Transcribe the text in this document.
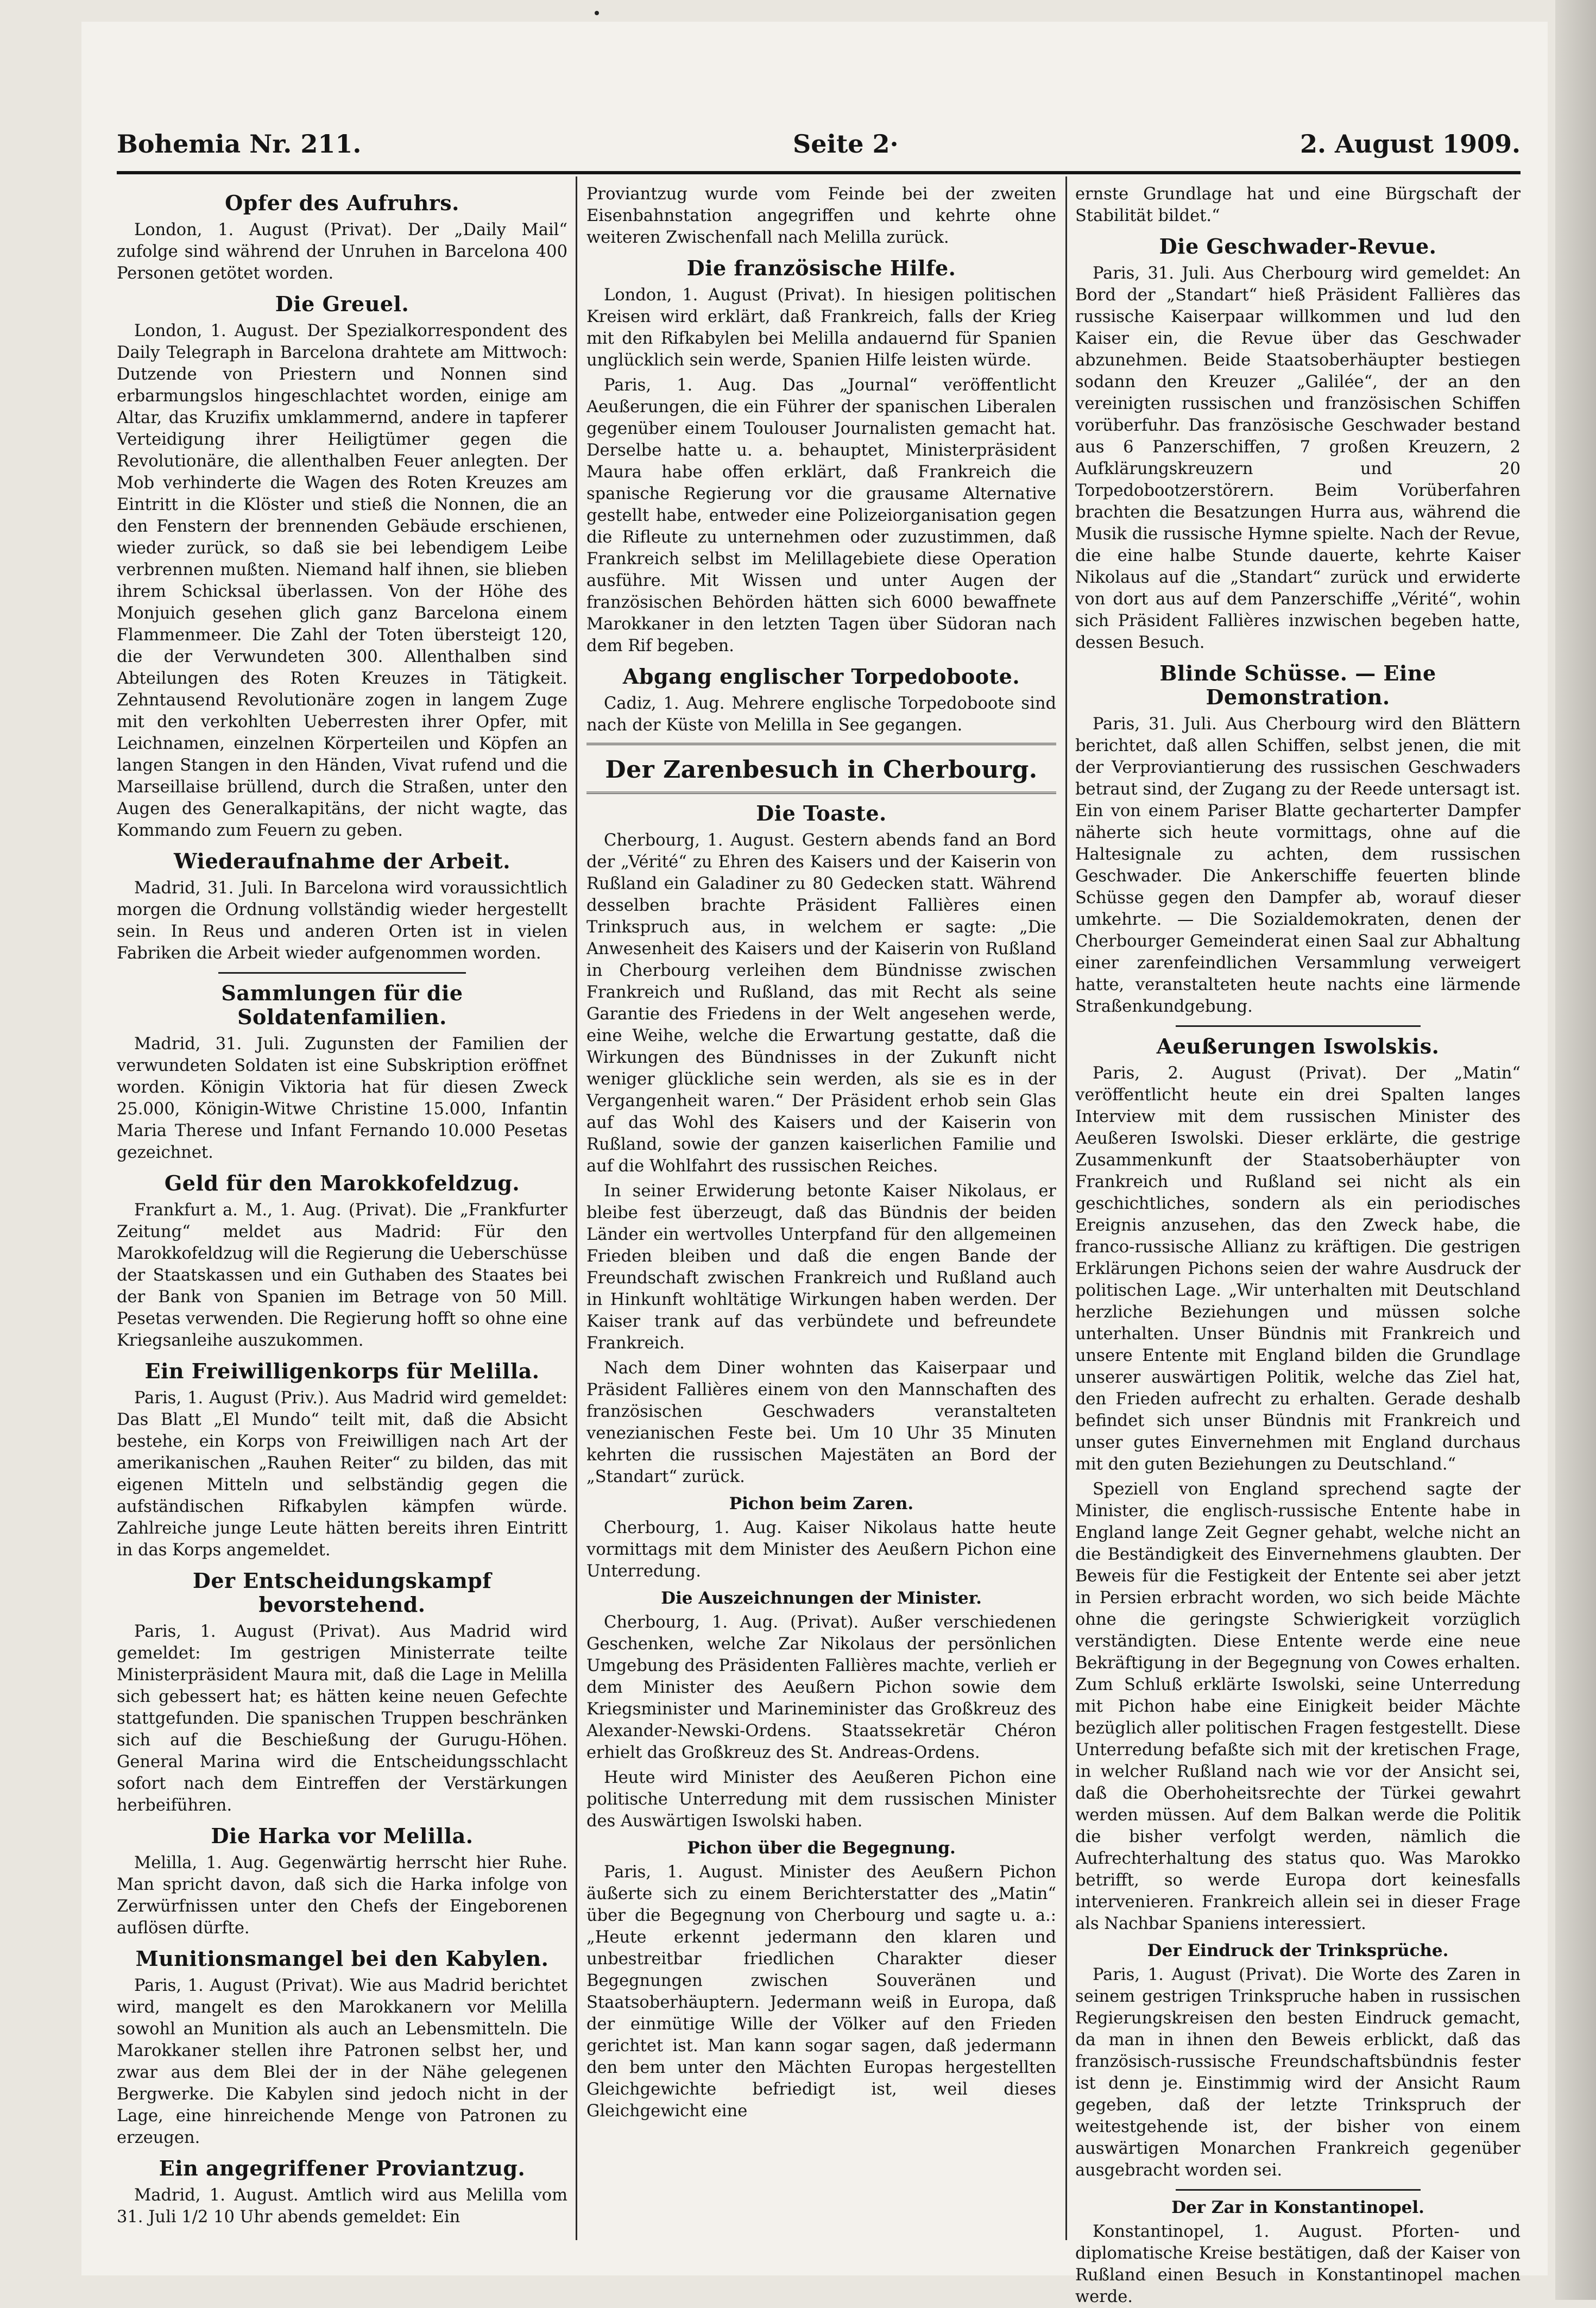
Bohemia Nr. 211.	Seite 2·	2. August 1909.
Opfer des Aufruhrs.

London, 1. August (Privat). Der „Daily Mail“ zufolge sind während der Unruhen in Barcelona 400 Personen getötet worden.

Die Greuel.

London, 1. August. Der Spezialkorrespondent des Daily Telegraph in Barcelona drahtete am Mittwoch: Dutzende von Priestern und Nonnen sind erbarmungslos hingeschlachtet worden, einige am Altar, das Kruzifix umklammernd, andere in tapferer Verteidigung ihrer Heiligtümer gegen die Revolutionäre, die allenthalben Feuer anlegten. Der Mob verhinderte die Wagen des Roten Kreuzes am Eintritt in die Klöster und stieß die Nonnen, die an den Fenstern der brennenden Gebäude erschienen, wieder zurück, so daß sie bei lebendigem Leibe verbrennen mußten. Niemand half ihnen, sie blieben ihrem Schicksal überlassen. Von der Höhe des Monjuich gesehen glich ganz Barcelona einem Flammenmeer. Die Zahl der Toten übersteigt 120, die der Verwundeten 300. Allenthalben sind Abteilungen des Roten Kreuzes in Tätigkeit. Zehntausend Revolutionäre zogen in langem Zuge mit den verkohlten Ueberresten ihrer Opfer, mit Leichnamen, einzelnen Körperteilen und Köpfen an langen Stangen in den Händen, Vivat rufend und die Marseillaise brüllend, durch die Straßen, unter den Augen des Generalkapitäns, der nicht wagte, das Kommando zum Feuern zu geben.

Wiederaufnahme der Arbeit.

Madrid, 31. Juli. In Barcelona wird voraussichtlich morgen die Ordnung vollständig wieder hergestellt sein. In Reus und anderen Orten ist in vielen Fabriken die Arbeit wieder aufgenommen worden.

Sammlungen für die Soldatenfamilien.

Madrid, 31. Juli. Zugunsten der Familien der verwundeten Soldaten ist eine Subskription eröffnet worden. Königin Viktoria hat für diesen Zweck 25.000, Königin-Witwe Christine 15.000, Infantin Maria Therese und Infant Fernando 10.000 Pesetas gezeichnet.

Geld für den Marokkofeldzug.

Frankfurt a. M., 1. Aug. (Privat). Die „Frankfurter Zeitung“ meldet aus Madrid: Für den Marokkofeldzug will die Regierung die Ueberschüsse der Staatskassen und ein Guthaben des Staates bei der Bank von Spanien im Betrage von 50 Mill. Pesetas verwenden. Die Regierung hofft so ohne eine Kriegsanleihe auszukommen.

Ein Freiwilligenkorps für Melilla.

Paris, 1. August (Priv.). Aus Madrid wird gemeldet: Das Blatt „El Mundo“ teilt mit, daß die Absicht bestehe, ein Korps von Freiwilligen nach Art der amerikanischen „Rauhen Reiter“ zu bilden, das mit eigenen Mitteln und selbständig gegen die aufständischen Rifkabylen kämpfen würde. Zahlreiche junge Leute hätten bereits ihren Eintritt in das Korps angemeldet.

Der Entscheidungskampf bevorstehend.

Paris, 1. August (Privat). Aus Madrid wird gemeldet: Im gestrigen Ministerrate teilte Ministerpräsident Maura mit, daß die Lage in Melilla sich gebessert hat; es hätten keine neuen Gefechte stattgefunden. Die spanischen Truppen beschränken sich auf die Beschießung der Gurugu-Höhen. General Marina wird die Entscheidungsschlacht sofort nach dem Eintreffen der Verstärkungen herbeiführen.

Die Harka vor Melilla.

Melilla, 1. Aug. Gegenwärtig herrscht hier Ruhe. Man spricht davon, daß sich die Harka infolge von Zerwürfnissen unter den Chefs der Eingeborenen auflösen dürfte.

Munitionsmangel bei den Kabylen.

Paris, 1. August (Privat). Wie aus Madrid berichtet wird, mangelt es den Marokkanern vor Melilla sowohl an Munition als auch an Lebensmitteln. Die Marokkaner stellen ihre Patronen selbst her, und zwar aus dem Blei der in der Nähe gelegenen Bergwerke. Die Kabylen sind jedoch nicht in der Lage, eine hinreichende Menge von Patronen zu erzeugen.

Ein angegriffener Proviantzug.

Madrid, 1. August. Amtlich wird aus Melilla vom 31. Juli 1/2 10 Uhr abends gemeldet: Ein

Proviantzug wurde vom Feinde bei der zweiten Eisenbahnstation angegriffen und kehrte ohne weiteren Zwischenfall nach Melilla zurück.

Die französische Hilfe.

London, 1. August (Privat). In hiesigen politischen Kreisen wird erklärt, daß Frankreich, falls der Krieg mit den Rifkabylen bei Melilla andauernd für Spanien unglücklich sein werde, Spanien Hilfe leisten würde.

Paris, 1. Aug. Das „Journal“ veröffentlicht Aeußerungen, die ein Führer der spanischen Liberalen gegenüber einem Toulouser Journalisten gemacht hat. Derselbe hatte u. a. behauptet, Ministerpräsident Maura habe offen erklärt, daß Frankreich die spanische Regierung vor die grausame Alternative gestellt habe, entweder eine Polizeiorganisation gegen die Rifleute zu unternehmen oder zuzustimmen, daß Frankreich selbst im Melillagebiete diese Operation ausführe. Mit Wissen und unter Augen der französischen Behörden hätten sich 6000 bewaffnete Marokkaner in den letzten Tagen über Südoran nach dem Rif begeben.

Abgang englischer Torpedoboote.

Cadiz, 1. Aug. Mehrere englische Torpedoboote sind nach der Küste von Melilla in See gegangen.

Der Zarenbesuch in Cherbourg.
Die Toaste.

Cherbourg, 1. August. Gestern abends fand an Bord der „Vérité“ zu Ehren des Kaisers und der Kaiserin von Rußland ein Galadiner zu 80 Gedecken statt. Während desselben brachte Präsident Fallières einen Trinkspruch aus, in welchem er sagte: „Die Anwesenheit des Kaisers und der Kaiserin von Rußland in Cherbourg verleihen dem Bündnisse zwischen Frankreich und Rußland, das mit Recht als seine Garantie des Friedens in der Welt angesehen werde, eine Weihe, welche die Erwartung gestatte, daß die Wirkungen des Bündnisses in der Zukunft nicht weniger glückliche sein werden, als sie es in der Vergangenheit waren.“ Der Präsident erhob sein Glas auf das Wohl des Kaisers und der Kaiserin von Rußland, sowie der ganzen kaiserlichen Familie und auf die Wohlfahrt des russischen Reiches.

In seiner Erwiderung betonte Kaiser Nikolaus, er bleibe fest überzeugt, daß das Bündnis der beiden Länder ein wertvolles Unterpfand für den allgemeinen Frieden bleiben und daß die engen Bande der Freundschaft zwischen Frankreich und Rußland auch in Hinkunft wohltätige Wirkungen haben werden. Der Kaiser trank auf das verbündete und befreundete Frankreich.

Nach dem Diner wohnten das Kaiserpaar und Präsident Fallières einem von den Mannschaften des französischen Geschwaders veranstalteten venezianischen Feste bei. Um 10 Uhr 35 Minuten kehrten die russischen Majestäten an Bord der „Standart“ zurück.

Pichon beim Zaren.

Cherbourg, 1. Aug. Kaiser Nikolaus hatte heute vormittags mit dem Minister des Aeußern Pichon eine Unterredung.

Die Auszeichnungen der Minister.

Cherbourg, 1. Aug. (Privat). Außer verschiedenen Geschenken, welche Zar Nikolaus der persönlichen Umgebung des Präsidenten Fallières machte, verlieh er dem Minister des Aeußern Pichon sowie dem Kriegsminister und Marineminister das Großkreuz des Alexander-Newski-Ordens. Staatssekretär Chéron erhielt das Großkreuz des St. Andreas-Ordens.

Heute wird Minister des Aeußeren Pichon eine politische Unterredung mit dem russischen Minister des Auswärtigen Iswolski haben.

Pichon über die Begegnung.

Paris, 1. August. Minister des Aeußern Pichon äußerte sich zu einem Berichterstatter des „Matin“ über die Begegnung von Cherbourg und sagte u. a.: „Heute erkennt jedermann den klaren und unbestreitbar friedlichen Charakter dieser Begegnungen zwischen Souveränen und Staatsoberhäuptern. Jedermann weiß in Europa, daß der einmütige Wille der Völker auf den Frieden gerichtet ist. Man kann sogar sagen, daß jedermann den bem unter den Mächten Europas hergestellten Gleichgewichte befriedigt ist, weil dieses Gleichgewicht eine

ernste Grundlage hat und eine Bürgschaft der Stabilität bildet.“

Die Geschwader-Revue.

Paris, 31. Juli. Aus Cherbourg wird gemeldet: An Bord der „Standart“ hieß Präsident Fallières das russische Kaiserpaar willkommen und lud den Kaiser ein, die Revue über das Geschwader abzunehmen. Beide Staatsoberhäupter bestiegen sodann den Kreuzer „Galilée“, der an den vereinigten russischen und französischen Schiffen vorüberfuhr. Das französische Geschwader bestand aus 6 Panzerschiffen, 7 großen Kreuzern, 2 Aufklärungskreuzern und 20 Torpedobootzerstörern. Beim Vorüberfahren brachten die Besatzungen Hurra aus, während die Musik die russische Hymne spielte. Nach der Revue, die eine halbe Stunde dauerte, kehrte Kaiser Nikolaus auf die „Standart“ zurück und erwiderte von dort aus auf dem Panzerschiffe „Vérité“, wohin sich Präsident Fallières inzwischen begeben hatte, dessen Besuch.

Blinde Schüsse. — Eine Demonstration.

Paris, 31. Juli. Aus Cherbourg wird den Blättern berichtet, daß allen Schiffen, selbst jenen, die mit der Verproviantierung des russischen Geschwaders betraut sind, der Zugang zu der Reede untersagt ist. Ein von einem Pariser Blatte gecharterter Dampfer näherte sich heute vormittags, ohne auf die Haltesignale zu achten, dem russischen Geschwader. Die Ankerschiffe feuerten blinde Schüsse gegen den Dampfer ab, worauf dieser umkehrte. — Die Sozialdemokraten, denen der Cherbourger Gemeinderat einen Saal zur Abhaltung einer zarenfeindlichen Versammlung verweigert hatte, veranstalteten heute nachts eine lärmende Straßenkundgebung.

Aeußerungen Iswolskis.

Paris, 2. August (Privat). Der „Matin“ veröffentlicht heute ein drei Spalten langes Interview mit dem russischen Minister des Aeußeren Iswolski. Dieser erklärte, die gestrige Zusammenkunft der Staatsoberhäupter von Frankreich und Rußland sei nicht als ein geschichtliches, sondern als ein periodisches Ereignis anzusehen, das den Zweck habe, die franco-russische Allianz zu kräftigen. Die gestrigen Erklärungen Pichons seien der wahre Ausdruck der politischen Lage. „Wir unterhalten mit Deutschland herzliche Beziehungen und müssen solche unterhalten. Unser Bündnis mit Frankreich und unsere Entente mit England bilden die Grundlage unserer auswärtigen Politik, welche das Ziel hat, den Frieden aufrecht zu erhalten. Gerade deshalb befindet sich unser Bündnis mit Frankreich und unser gutes Einvernehmen mit England durchaus mit den guten Beziehungen zu Deutschland.“

Speziell von England sprechend sagte der Minister, die englisch-russische Entente habe in England lange Zeit Gegner gehabt, welche nicht an die Beständigkeit des Einvernehmens glaubten. Der Beweis für die Festigkeit der Entente sei aber jetzt in Persien erbracht worden, wo sich beide Mächte ohne die geringste Schwierigkeit vorzüglich verständigten. Diese Entente werde eine neue Bekräftigung in der Begegnung von Cowes erhalten. Zum Schluß erklärte Iswolski, seine Unterredung mit Pichon habe eine Einigkeit beider Mächte bezüglich aller politischen Fragen festgestellt. Diese Unterredung befaßte sich mit der kretischen Frage, in welcher Rußland nach wie vor der Ansicht sei, daß die Oberhoheitsrechte der Türkei gewahrt werden müssen. Auf dem Balkan werde die Politik die bisher verfolgt werden, nämlich die Aufrechterhaltung des status quo. Was Marokko betrifft, so werde Europa dort keinesfalls intervenieren. Frankreich allein sei in dieser Frage als Nachbar Spaniens interessiert.

Der Eindruck der Trinksprüche.

Paris, 1. August (Privat). Die Worte des Zaren in seinem gestrigen Trinkspruche haben in russischen Regierungskreisen den besten Eindruck gemacht, da man in ihnen den Beweis erblickt, daß das französisch-russische Freundschaftsbündnis fester ist denn je. Einstimmig wird der Ansicht Raum gegeben, daß der letzte Trinkspruch der weitestgehende ist, der bisher von einem auswärtigen Monarchen Frankreich gegenüber ausgebracht worden sei.

Der Zar in Konstantinopel.

Konstantinopel, 1. August. Pforten- und diplomatische Kreise bestätigen, daß der Kaiser von Rußland einen Besuch in Konstantinopel machen werde.
